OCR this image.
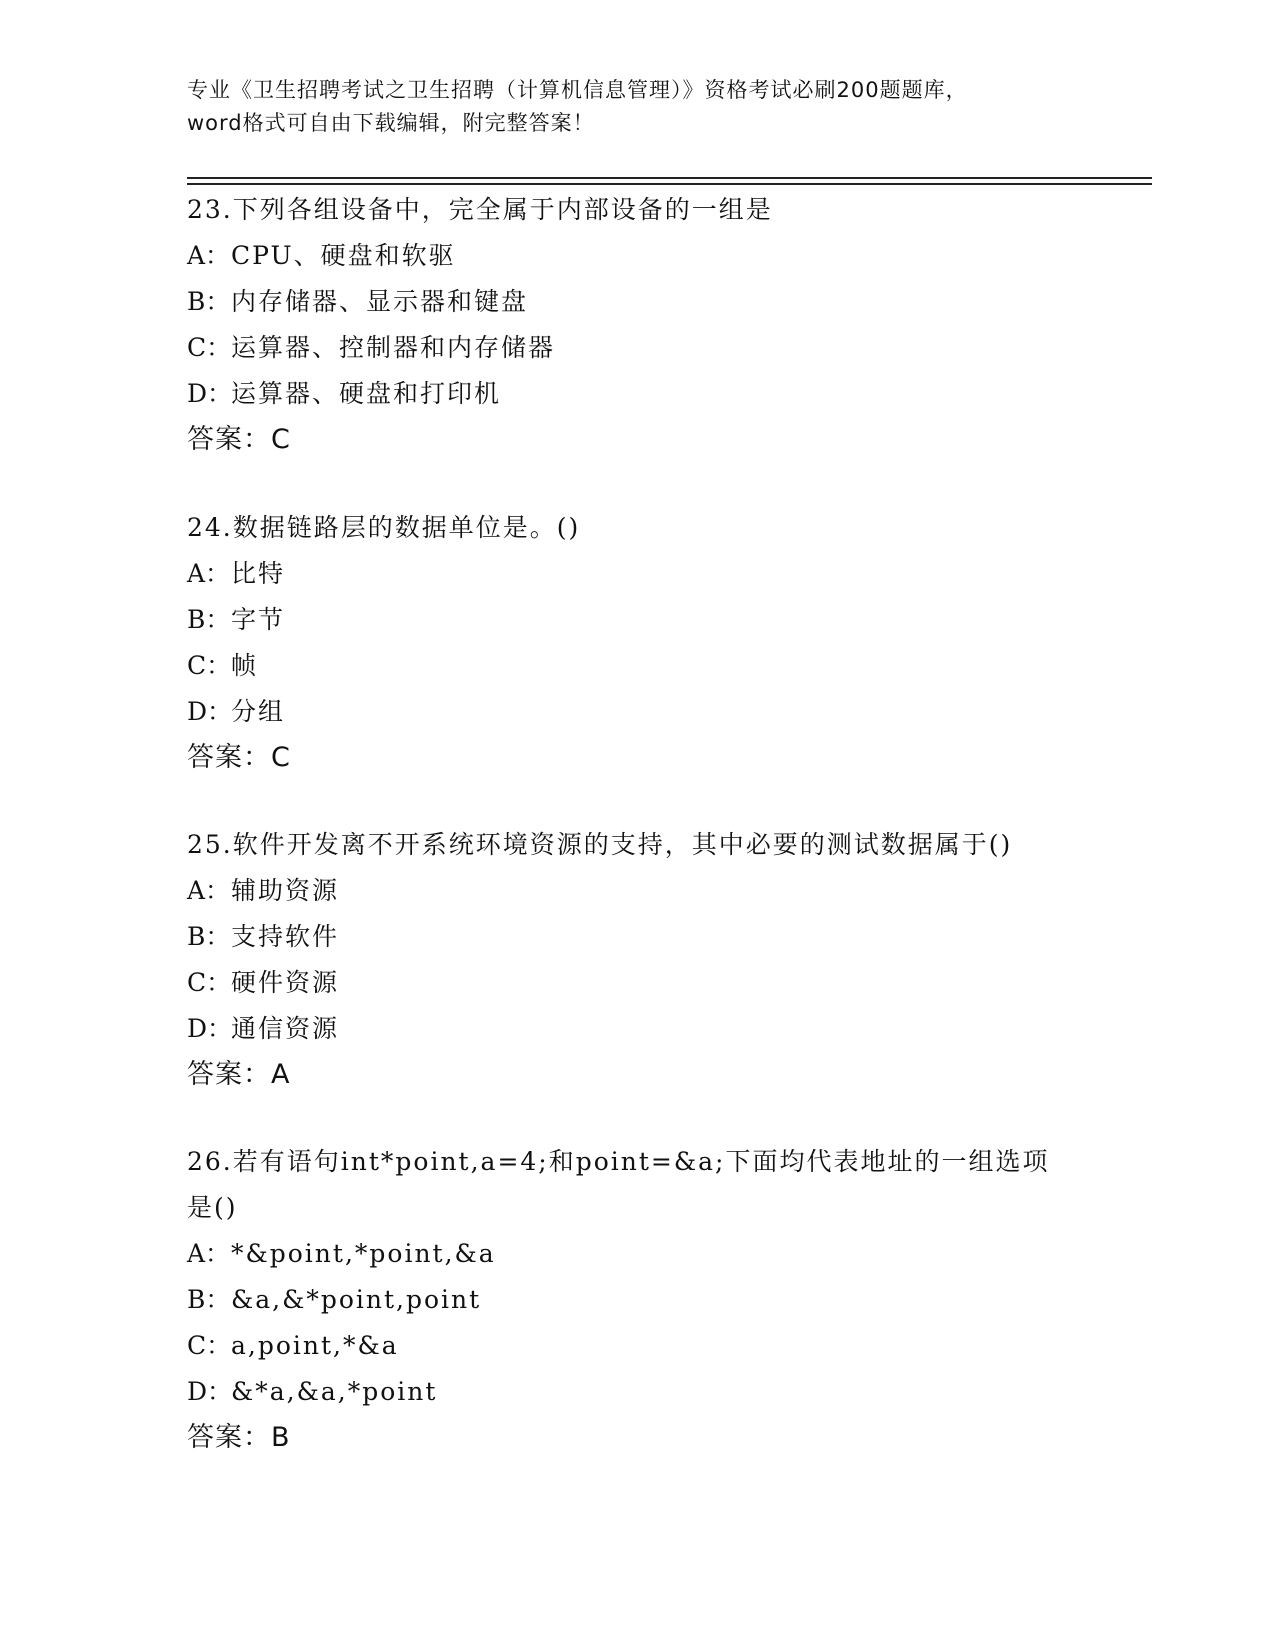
专业《卫生招聘考试之卫生招聘（计算机信息管理）》资格考试必刷200题题库，
word格式可自由下载编辑，附完整答案！
23.下列各组设备中，完全属于内部设备的一组是
A：CPU、硬盘和软驱
B：内存储器、显示器和键盘
C：运算器、控制器和内存储器
D：运算器、硬盘和打印机
答案：C
24.数据链路层的数据单位是。()
A：比特
B：字节
C：帧
D：分组
答案：C
25.软件开发离不开系统环境资源的支持，其中必要的测试数据属于()
A：辅助资源
B：支持软件
C：硬件资源
D：通信资源
答案：A
26.若有语句int*point,a=4;和point=&a;下面均代表地址的一组选项
是()
A：*&point,*point,&a
B：&a,&*point,point
C：a,point,*&a
D：&*a,&a,*point
答案：B
